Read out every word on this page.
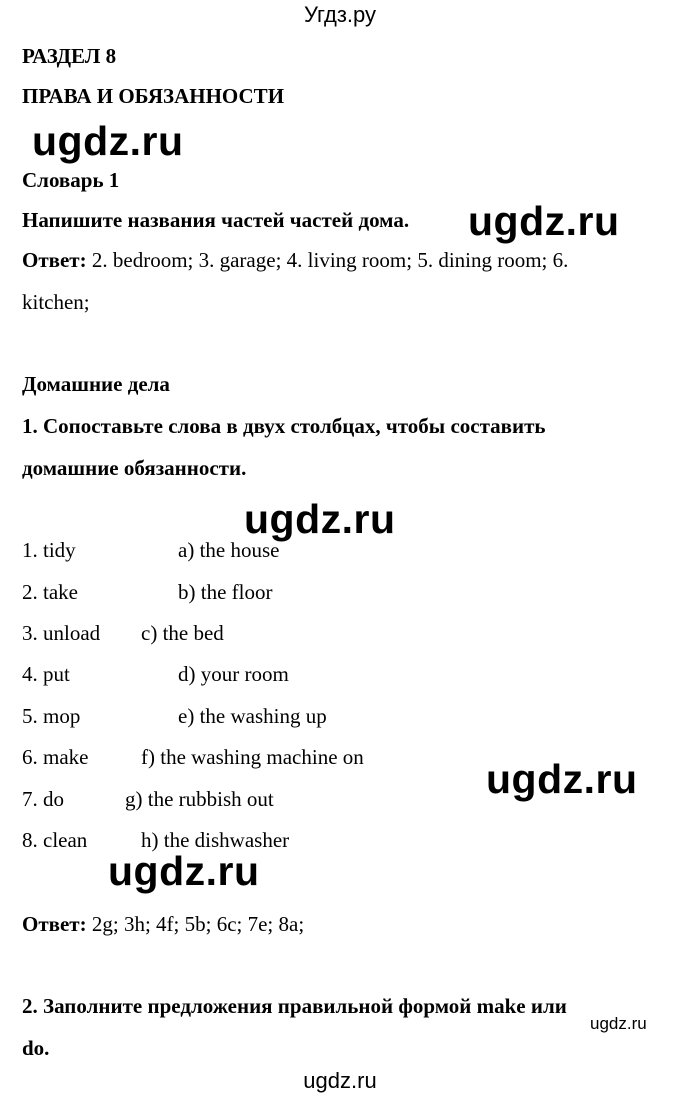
Угдз.ру
РАЗДЕЛ 8
ПРАВА И ОБЯЗАННОСТИ
ugdz.ru
Словарь 1
Напишите названия частей частей дома. ugdz.ru
Ответ: 2. bedroom; 3. garage; 4. living room; 5. dining room; 6.
kitchen;
Домашние дела
1. Сопоставьте слова в двух столбцах, чтобы составить
домашние обязанности.
ugdz.ru
1. tidy	a) the house
2. take	b) the floor
3. unload c) the bed
4. put	d) your room
5. mop	e) the washing up
6. make	f) the washing machine on	ugdz.ru
7. do	g) the rubbish out
8. clean	h) the dishwasher
ugdz.ru
Ответ: 2g; 3h; 4f; 5b; 6c; 7e; 8a;
2. Заполните предложения правильной формой make или
ugdz.ru
do.
ugdz.ru
